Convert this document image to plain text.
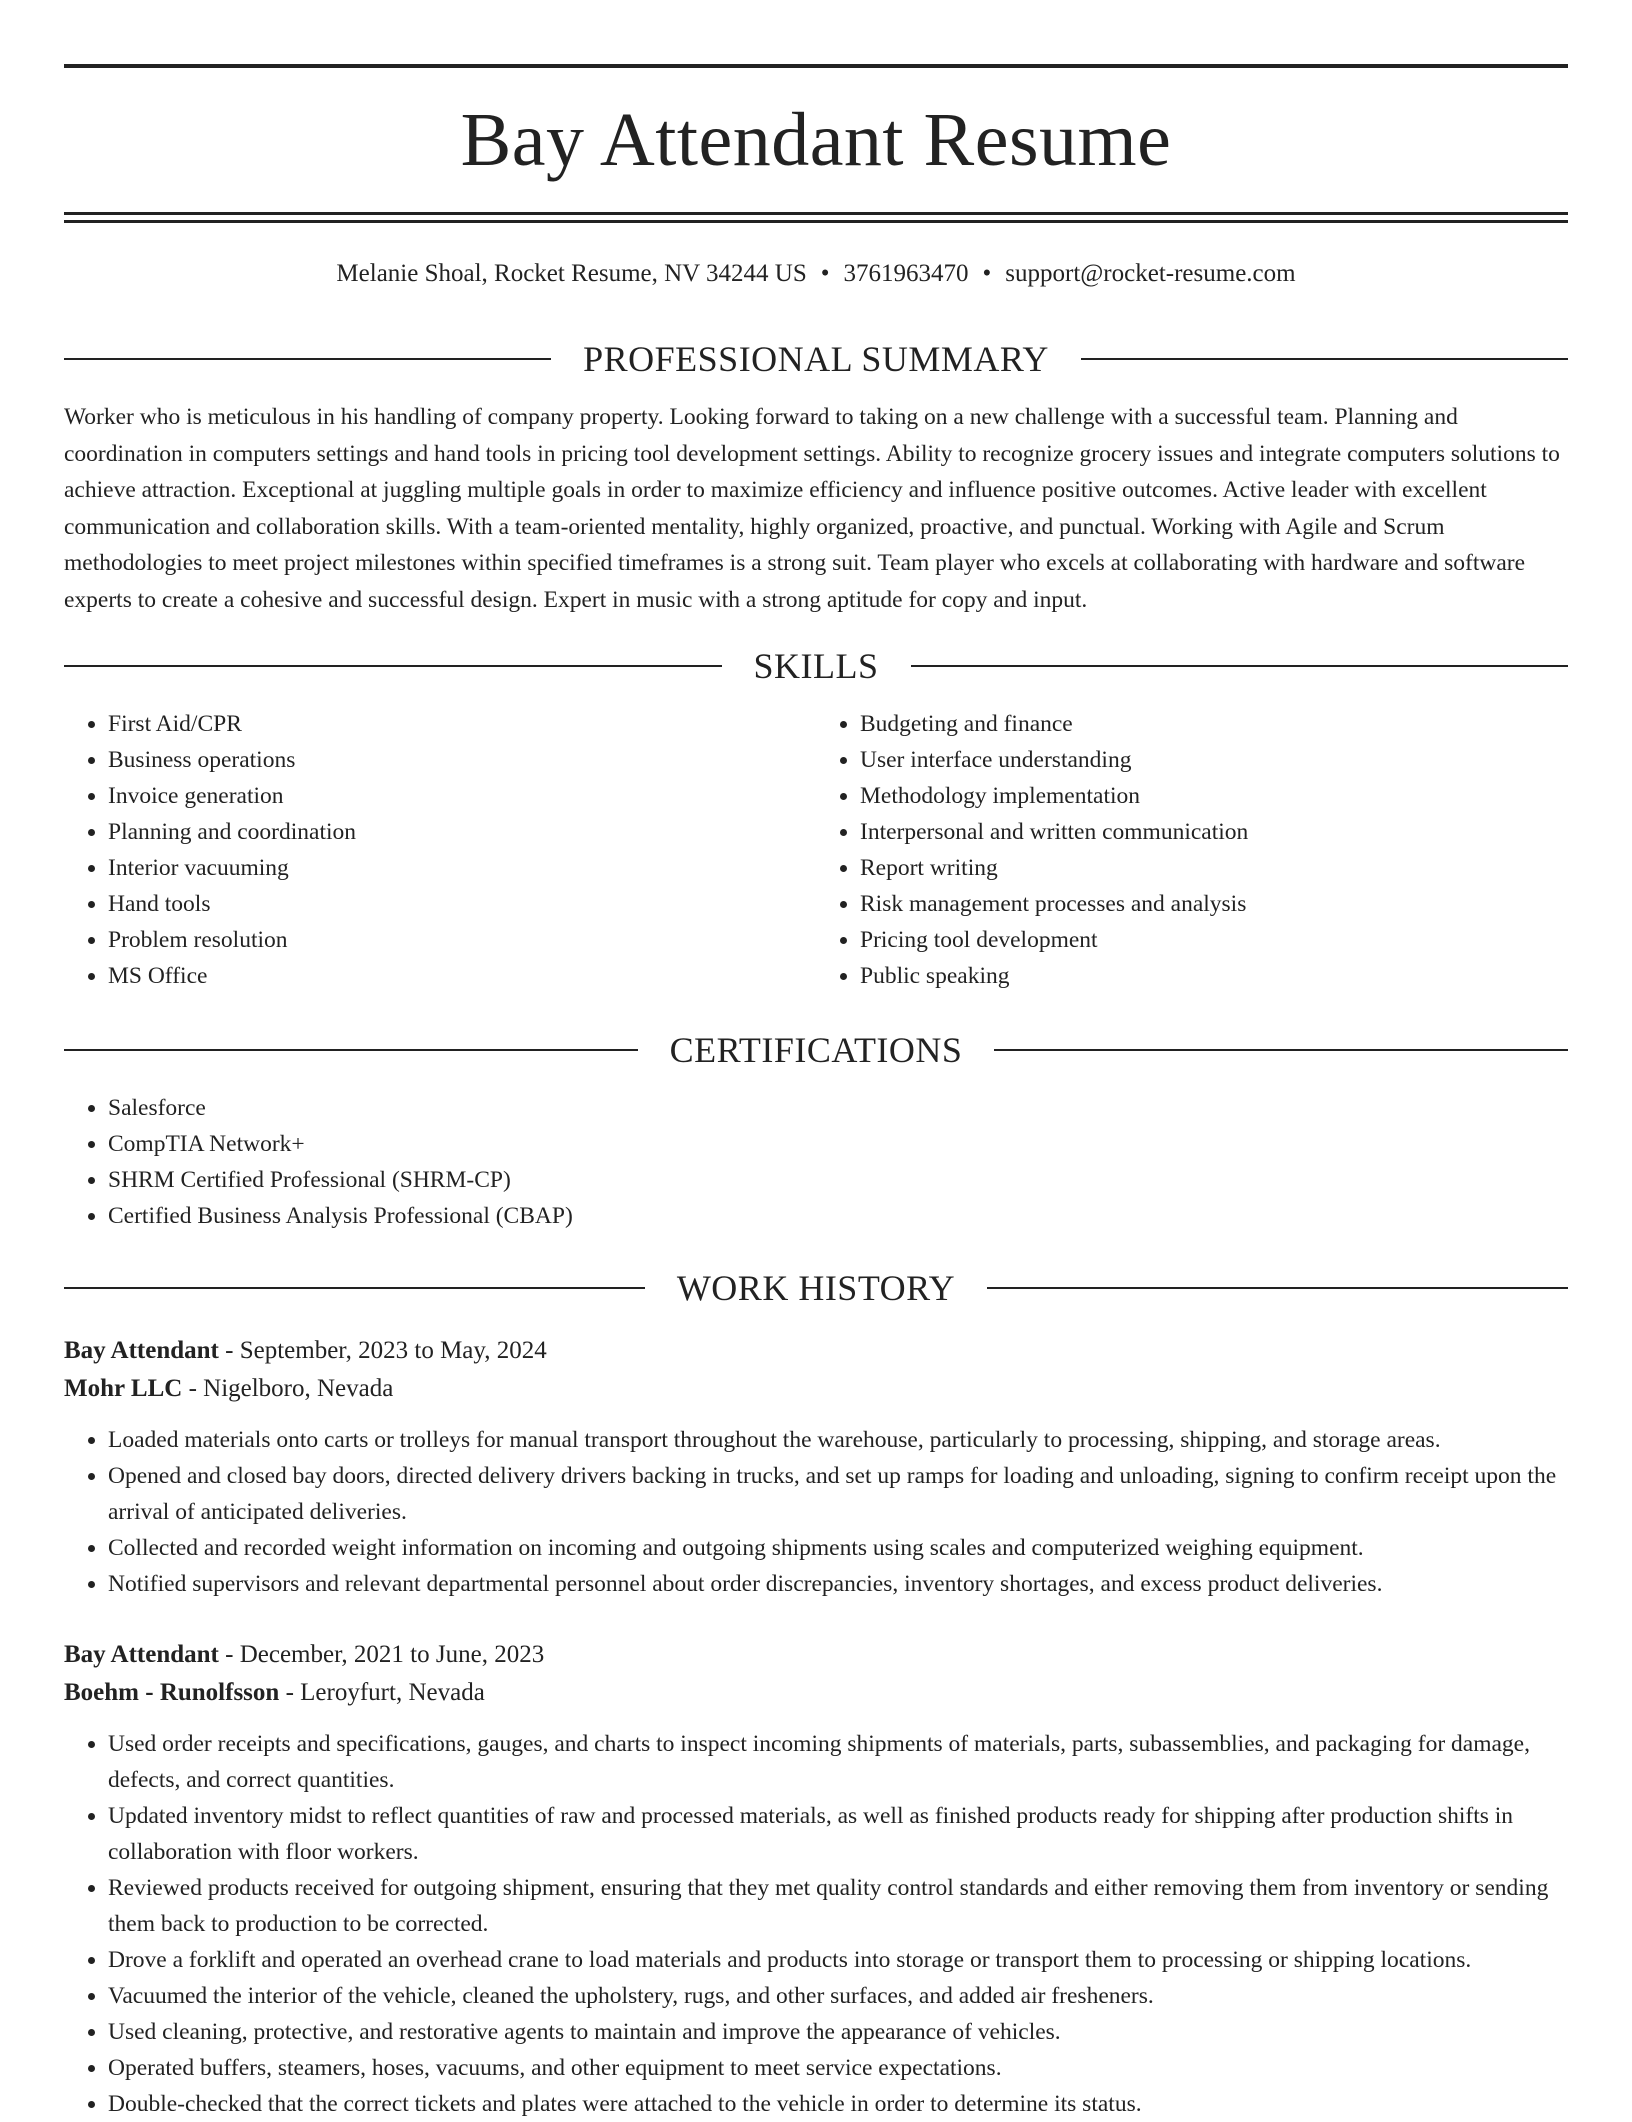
Bay Attendant Resume
Melanie Shoal, Rocket Resume, NV 34244 US • 3761963470 • support@rocket-resume.com
PROFESSIONAL SUMMARY

Worker who is meticulous in his handling of company property. Looking forward to taking on a new challenge with a successful team. Planning and coordination in computers settings and hand tools in pricing tool development settings. Ability to recognize grocery issues and integrate computers solutions to achieve attraction. Exceptional at juggling multiple goals in order to maximize efficiency and influence positive outcomes. Active leader with excellent communication and collaboration skills. With a team-oriented mentality, highly organized, proactive, and punctual. Working with Agile and Scrum methodologies to meet project milestones within specified timeframes is a strong suit. Team player who excels at collaborating with hardware and software experts to create a cohesive and successful design. Expert in music with a strong aptitude for copy and input.

SKILLS
• First Aid/CPR
• Business operations
• Invoice generation
• Planning and coordination
• Interior vacuuming
• Hand tools
• Problem resolution
• MS Office
• Budgeting and finance
• User interface understanding
• Methodology implementation
• Interpersonal and written communication
• Report writing
• Risk management processes and analysis
• Pricing tool development
• Public speaking
CERTIFICATIONS
• Salesforce
• CompTIA Network+
• SHRM Certified Professional (SHRM-CP)
• Certified Business Analysis Professional (CBAP)
WORK HISTORY
Bay Attendant - September, 2023 to May, 2024
Mohr LLC - Nigelboro, Nevada
• Loaded materials onto carts or trolleys for manual transport throughout the warehouse, particularly to processing, shipping, and storage areas.
• Opened and closed bay doors, directed delivery drivers backing in trucks, and set up ramps for loading and unloading, signing to confirm receipt upon the arrival of anticipated deliveries.
• Collected and recorded weight information on incoming and outgoing shipments using scales and computerized weighing equipment.
• Notified supervisors and relevant departmental personnel about order discrepancies, inventory shortages, and excess product deliveries.
Bay Attendant - December, 2021 to June, 2023
Boehm - Runolfsson - Leroyfurt, Nevada
• Used order receipts and specifications, gauges, and charts to inspect incoming shipments of materials, parts, subassemblies, and packaging for damage, defects, and correct quantities.
• Updated inventory midst to reflect quantities of raw and processed materials, as well as finished products ready for shipping after production shifts in collaboration with floor workers.
• Reviewed products received for outgoing shipment, ensuring that they met quality control standards and either removing them from inventory or sending them back to production to be corrected.
• Drove a forklift and operated an overhead crane to load materials and products into storage or transport them to processing or shipping locations.
• Vacuumed the interior of the vehicle, cleaned the upholstery, rugs, and other surfaces, and added air fresheners.
• Used cleaning, protective, and restorative agents to maintain and improve the appearance of vehicles.
• Operated buffers, steamers, hoses, vacuums, and other equipment to meet service expectations.
• Double-checked that the correct tickets and plates were attached to the vehicle in order to determine its status.
